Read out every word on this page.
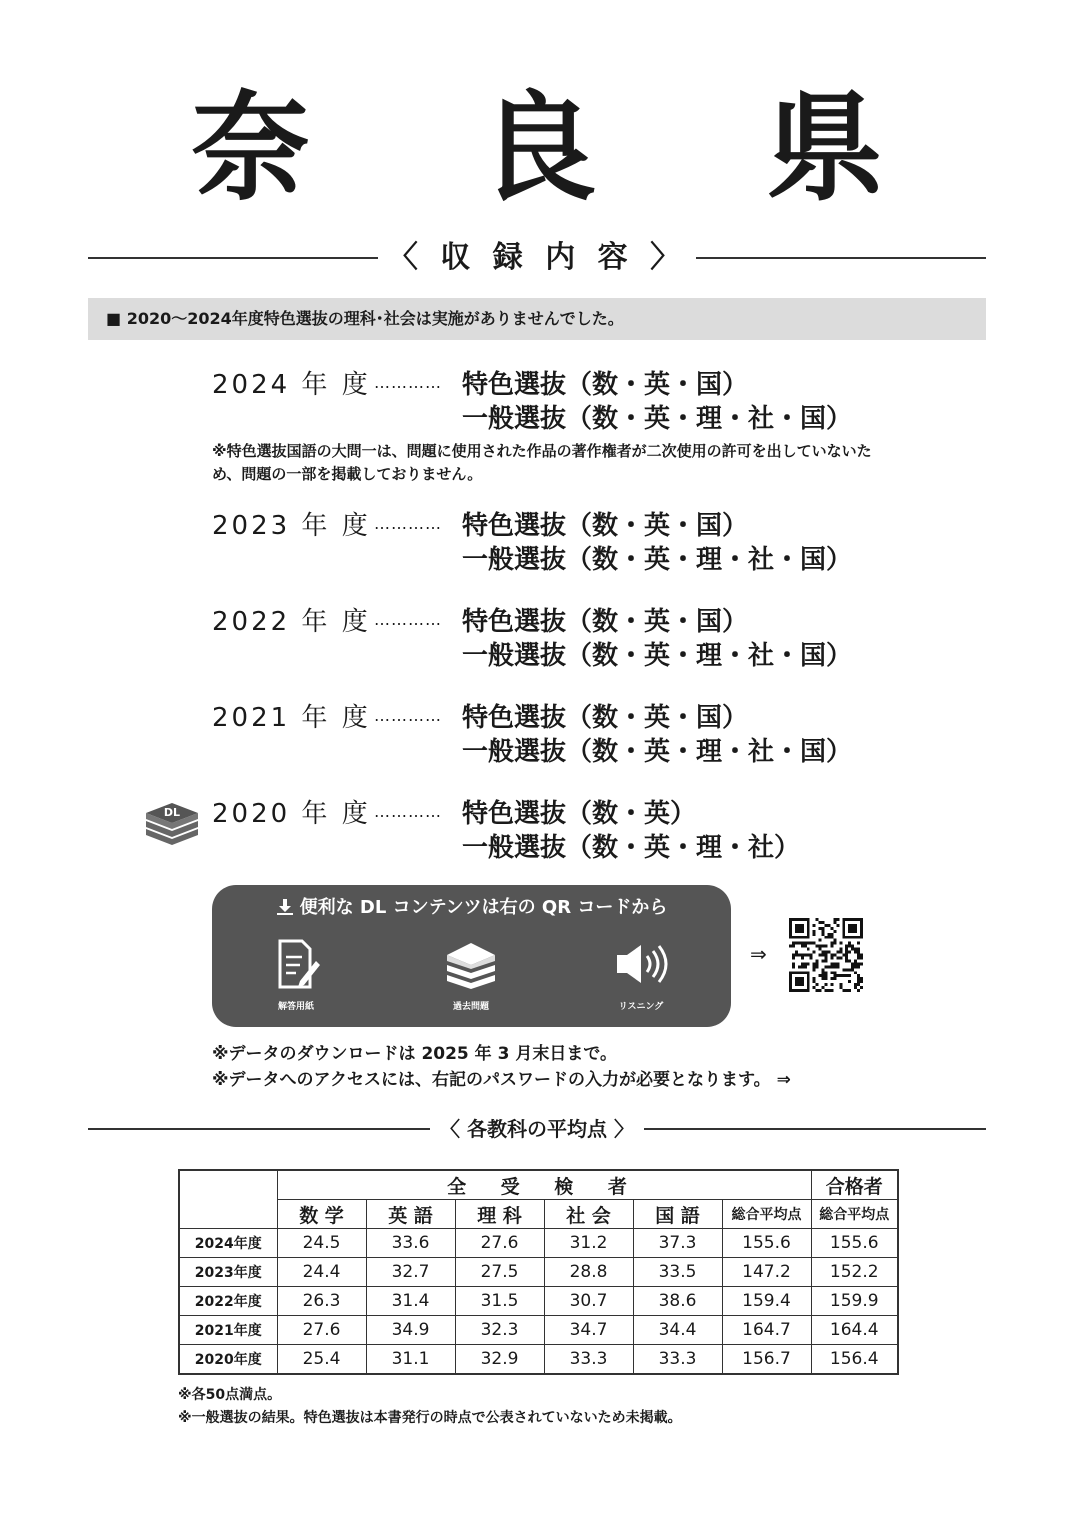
奈 良 県
〈 収 録 内 容 〉
■ 2020～2024年度特色選抜の理科･社会は実施がありませんでした。
2024 年 度 ………… 特色選抜（数・英・国）
一般選抜（数・英・理・社・国）
※特色選抜国語の大問一は、問題に使用された作品の著作権者が二次使用の許可を出していないため、問題の一部を掲載しておりません。
2023 年 度 ………… 特色選抜（数・英・国）
一般選抜（数・英・理・社・国）
2022 年 度 ………… 特色選抜（数・英・国）
一般選抜（数・英・理・社・国）
2021 年 度 ………… 特色選抜（数・英・国）
一般選抜（数・英・理・社・国）
2020 年 度 ………… 特色選抜（数・英）
一般選抜（数・英・理・社）
DL
便利な DL コンテンツは右の QR コードから
解答用紙	過去問題	リスニング
⇒
※データのダウンロードは 2025 年 3 月末日まで。
※データへのアクセスには、右記のパスワードの入力が必要となります。 ⇒
〈 各教科の平均点 〉
	全 受 検 者						合格者
	数 学	英 語	理 科	社 会	国 語	総合平均点	総合平均点
2024年度	24.5	33.6	27.6	31.2	37.3	155.6	155.6
2023年度	24.4	32.7	27.5	28.8	33.5	147.2	152.2
2022年度	26.3	31.4	31.5	30.7	38.6	159.4	159.9
2021年度	27.6	34.9	32.3	34.7	34.4	164.7	164.4
2020年度	25.4	31.1	32.9	33.3	33.3	156.7	156.4
※各50点満点。
※一般選抜の結果。特色選抜は本書発行の時点で公表されていないため未掲載。
